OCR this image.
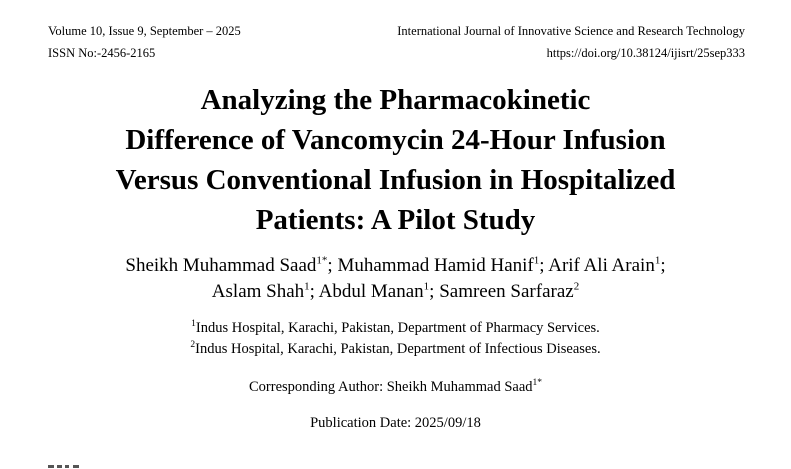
Volume 10, Issue 9, September – 2025
ISSN No:-2456-2165
International Journal of Innovative Science and Research Technology
https://doi.org/10.38124/ijisrt/25sep333
Analyzing the Pharmacokinetic
Difference of Vancomycin 24-Hour Infusion
Versus Conventional Infusion in Hospitalized
Patients: A Pilot Study
Sheikh Muhammad Saad$^{1*}$; Muhammad Hamid Hanif$^1$; Arif Ali Arain$^1$;
Aslam Shah$^1$; Abdul Manan$^1$; Samreen Sarfaraz$^2$
$^1$Indus Hospital, Karachi, Pakistan, Department of Pharmacy Services.
$^2$Indus Hospital, Karachi, Pakistan, Department of Infectious Diseases.
Corresponding Author: Sheikh Muhammad Saad$^{1*}$
Publication Date: 2025/09/18
